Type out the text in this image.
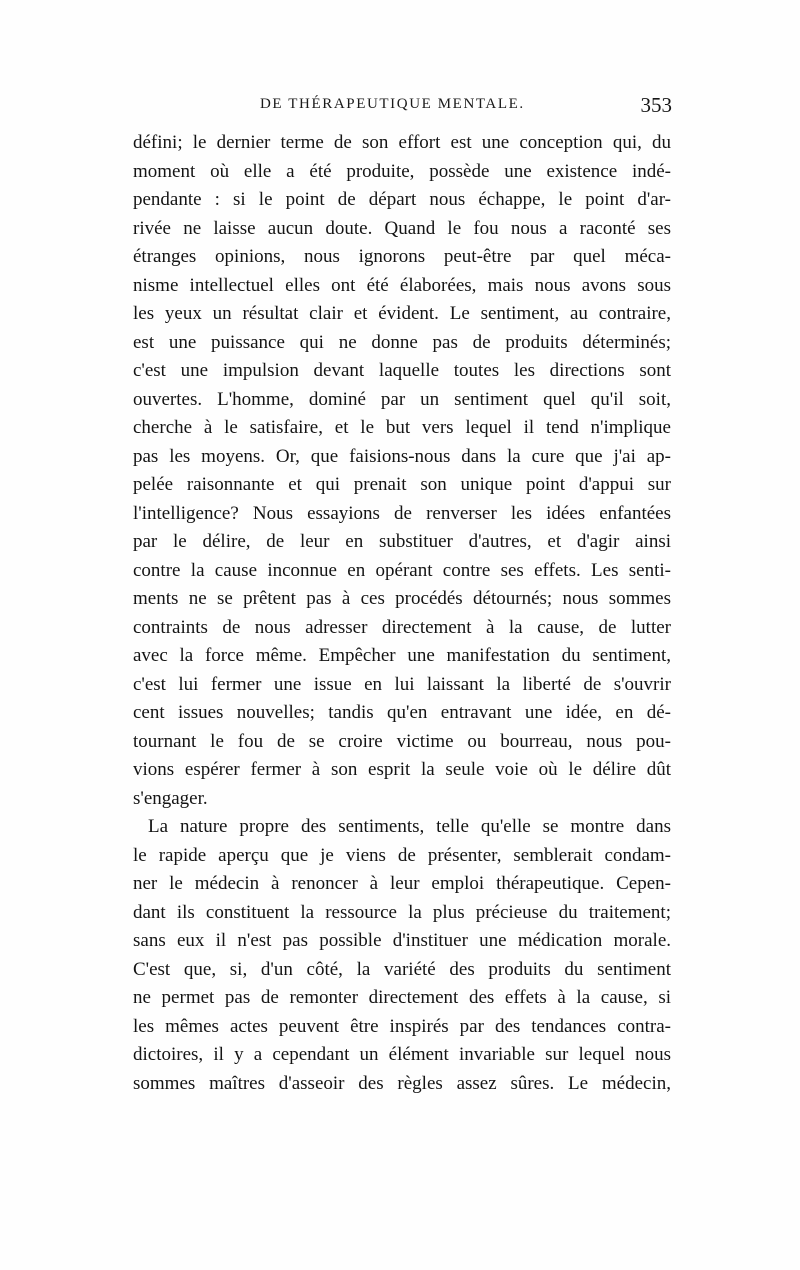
DE THÉRAPEUTIQUE MENTALE.	353
défini; le dernier terme de son effort est une conception qui, du
moment où elle a été produite, possède une existence indé-
pendante : si le point de départ nous échappe, le point d'ar-
rivée ne laisse aucun doute. Quand le fou nous a raconté ses
étranges opinions, nous ignorons peut-être par quel méca-
nisme intellectuel elles ont été élaborées, mais nous avons sous
les yeux un résultat clair et évident. Le sentiment, au contraire,
est une puissance qui ne donne pas de produits déterminés;
c'est une impulsion devant laquelle toutes les directions sont
ouvertes. L'homme, dominé par un sentiment quel qu'il soit,
cherche à le satisfaire, et le but vers lequel il tend n'implique
pas les moyens. Or, que faisions-nous dans la cure que j'ai ap-
pelée raisonnante et qui prenait son unique point d'appui sur
l'intelligence? Nous essayions de renverser les idées enfantées
par le délire, de leur en substituer d'autres, et d'agir ainsi
contre la cause inconnue en opérant contre ses effets. Les senti-
ments ne se prêtent pas à ces procédés détournés; nous sommes
contraints de nous adresser directement à la cause, de lutter
avec la force même. Empêcher une manifestation du sentiment,
c'est lui fermer une issue en lui laissant la liberté de s'ouvrir
cent issues nouvelles; tandis qu'en entravant une idée, en dé-
tournant le fou de se croire victime ou bourreau, nous pou-
vions espérer fermer à son esprit la seule voie où le délire dût
s'engager.
La nature propre des sentiments, telle qu'elle se montre dans
le rapide aperçu que je viens de présenter, semblerait condam-
ner le médecin à renoncer à leur emploi thérapeutique. Cepen-
dant ils constituent la ressource la plus précieuse du traitement;
sans eux il n'est pas possible d'instituer une médication morale.
C'est que, si, d'un côté, la variété des produits du sentiment
ne permet pas de remonter directement des effets à la cause, si
les mêmes actes peuvent être inspirés par des tendances contra-
dictoires, il y a cependant un élément invariable sur lequel nous
sommes maîtres d'asseoir des règles assez sûres. Le médecin,
